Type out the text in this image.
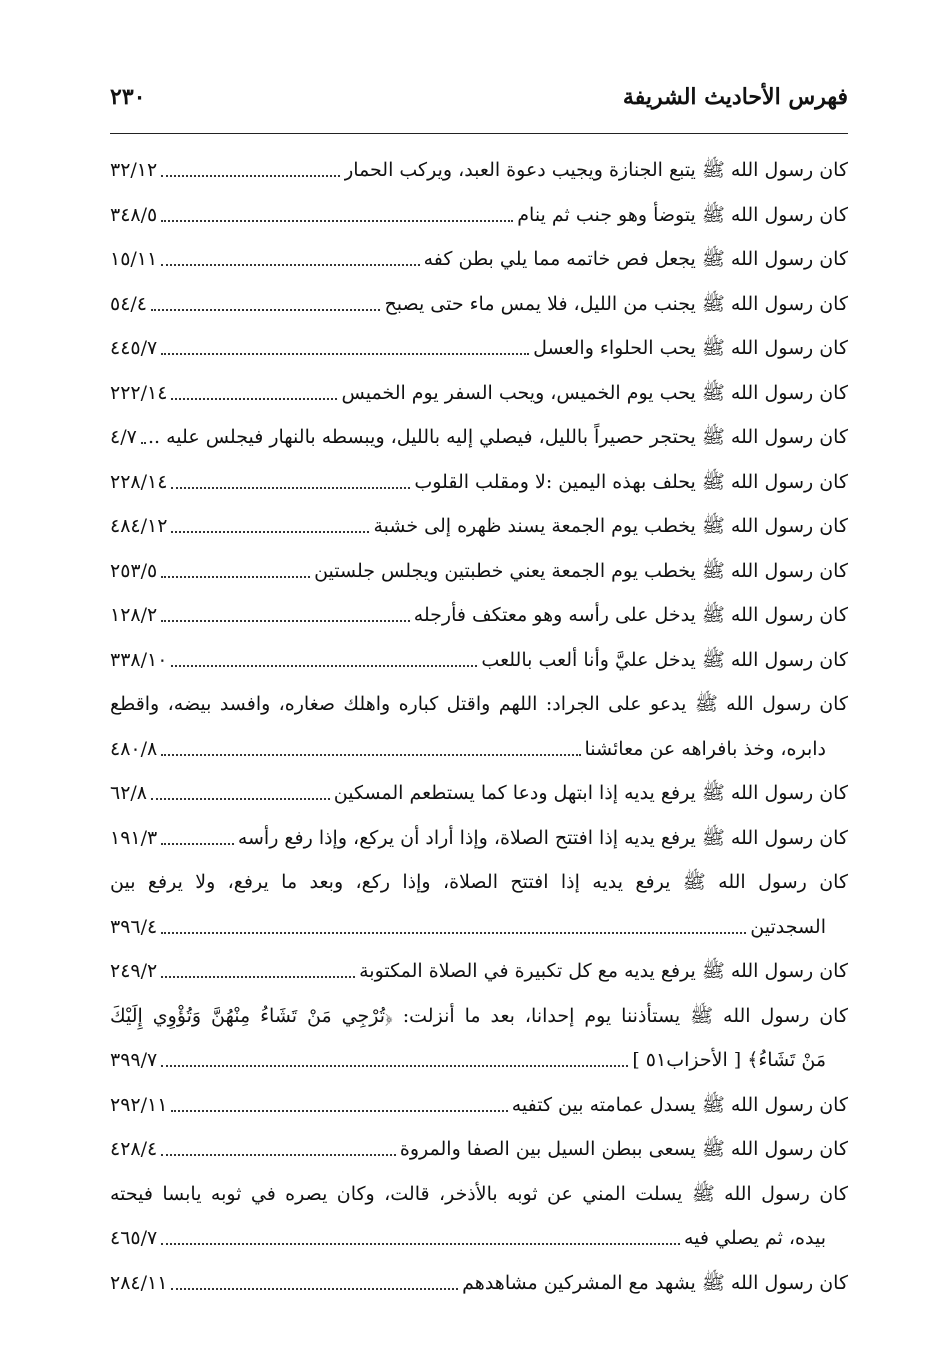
فهرس الأحاديث الشريفة
٢٣٠
كان رسول الله ﷺ يتبع الجنازة ويجيب دعوة العبد، ويركب الحمار
٣٢/١٢
كان رسول الله ﷺ يتوضأ وهو جنب ثم ينام
٣٤٨/٥
كان رسول الله ﷺ يجعل فص خاتمه مما يلي بطن كفه
١٥/١١
كان رسول الله ﷺ يجنب من الليل، فلا يمس ماء حتى يصبح
٥٤/٤
كان رسول الله ﷺ يحب الحلواء والعسل
٤٤٥/٧
كان رسول الله ﷺ يحب يوم الخميس، ويحب السفر يوم الخميس
٢٢٢/١٤
كان رسول الله ﷺ يحتجر حصيراً بالليل، فيصلي إليه بالليل، ويبسطه بالنهار فيجلس عليه ..
٤/٧
كان رسول الله ﷺ يحلف بهذه اليمين :لا ومقلب القلوب
٢٢٨/١٤
كان رسول الله ﷺ يخطب يوم الجمعة يسند ظهره إلى خشبة
٤٨٤/١٢
كان رسول الله ﷺ يخطب يوم الجمعة يعني خطبتين ويجلس جلستين
٢٥٣/٥
كان رسول الله ﷺ يدخل على رأسه وهو معتكف فأرجله
١٢٨/٢
كان رسول الله ﷺ يدخل عليَّ وأنا ألعب باللعب
٣٣٨/١٠
كان رسول الله ﷺ يدعو على الجراد: اللهم واقتل كباره واهلك صغاره، وافسد بيضه، واقطع
دابره، وخذ بافراهه عن معائشنا
٤٨٠/٨
كان رسول الله ﷺ يرفع يديه إذا ابتهل ودعا كما يستطعم المسكين
٦٢/٨
كان رسول الله ﷺ يرفع يديه إذا افتتح الصلاة، وإذا أراد أن يركع، وإذا رفع رأسه
١٩١/٣
كان رسول الله ﷺ يرفع يديه إذا افتتح الصلاة، وإذا ركع، وبعد ما يرفع، ولا يرفع بين
السجدتين
٣٩٦/٤
كان رسول الله ﷺ يرفع يديه مع كل تكبيرة في الصلاة المكتوبة
٢٤٩/٢
كان رسول الله ﷺ يستأذننا يوم إحدانا، بعد ما أنزلت: ﴿تُرْجِي مَنْ تَشَاءُ مِنْهُنَّ وَتُؤْوِي إِلَيْكَ
مَنْ تَشَاءُ﴾ [ الأحزاب٥١ ]
٣٩٩/٧
كان رسول الله ﷺ يسدل عمامته بين كتفيه
٢٩٢/١١
كان رسول الله ﷺ يسعى ببطن السيل بين الصفا والمروة
٤٢٨/٤
كان رسول الله ﷺ يسلت المني عن ثوبه بالأذخر، قالت، وكان يصره في ثوبه يابسا فيحته
بيده، ثم يصلي فيه
٤٦٥/٧
كان رسول الله ﷺ يشهد مع المشركين مشاهدهم
٢٨٤/١١
